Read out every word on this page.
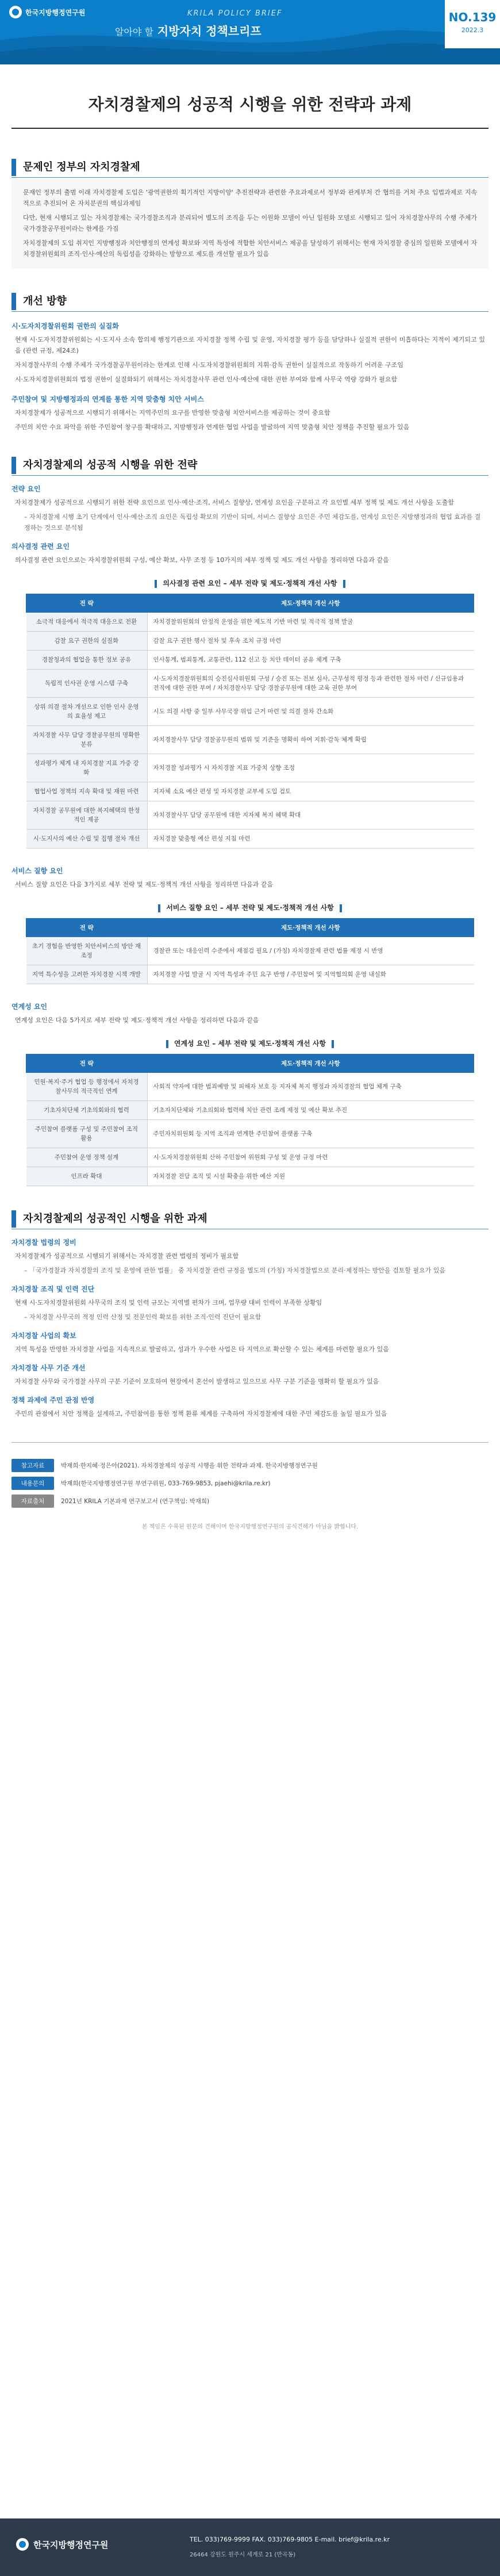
한국지방행정연구원	KRILA POLICY BRIEF
알아야 할 지방자치 정책브리프
NO.139
2022.3
자치경찰제의 성공적 시행을 위한 전략과 과제
문제인 정부의 자치경찰제

문재인 정부의 출범 이래 자치경찰제 도입은 '광역권한의 획기적인 지방이양' 추진전략과 관련한 주요과제로서 정부와 관계부처 간 협의를 거쳐 주요 입법과제로 지속적으로 추진되어 온 자치분권의 핵심과제임

다만, 현재 시행되고 있는 자치경찰제는 국가경찰조직과 분리되어 별도의 조직을 두는 이원화 모델이 아닌 일원화 모델로 시행되고 있어 자치경찰사무의 수행 주체가 국가경찰공무원이라는 한계를 가짐

자치경찰제의 도입 취지인 지방행정과 치안행정의 연계성 확보와 지역 특성에 적합한 치안서비스 제공을 달성하기 위해서는 현재 자치경찰 중심의 일원화 모델에서 자치경찰위원회의 조직·인사·예산의 독립성을 강화하는 방향으로 제도를 개선할 필요가 있음

개선 방향
시·도자치경찰위원회 권한의 실질화

현재 시·도자치경찰위원회는 시·도지사 소속 합의제 행정기관으로 자치경찰 정책 수립 및 운영, 자치경찰 평가 등을 담당하나 실질적 권한이 미흡하다는 지적이 제기되고 있음 (관련 규정, 제24조)

자치경찰사무의 수행 주체가 국가경찰공무원이라는 한계로 인해 시·도자치경찰위원회의 지휘·감독 권한이 실질적으로 작동하기 어려운 구조임

시·도자치경찰위원회의 법정 권한이 실질화되기 위해서는 자치경찰사무 관련 인사·예산에 대한 권한 부여와 함께 사무국 역량 강화가 필요함

주민참여 및 지방행정과의 연계를 통한 지역 맞춤형 치안 서비스

자치경찰제가 성공적으로 시행되기 위해서는 지역주민의 요구를 반영한 맞춤형 치안서비스를 제공하는 것이 중요함

주민의 치안 수요 파악을 위한 주민참여 창구를 확대하고, 지방행정과 연계한 협업 사업을 발굴하여 지역 맞춤형 치안 정책을 추진할 필요가 있음

자치경찰제의 성공적 시행을 위한 전략
전략 요인

자치경찰제가 성공적으로 시행되기 위한 전략 요인으로 인사·예산·조직, 서비스 질향상, 연계성 요인을 구분하고 각 요인별 세부 정책 및 제도 개선 사항을 도출함

– 자치경찰제 시행 초기 단계에서 인사·예산·조직 요인은 독립성 확보의 기반이 되며, 서비스 질향상 요인은 주민 체감도를, 연계성 요인은 지방행정과의 협업 효과를 결정하는 것으로 분석됨

의사결정 관련 요인

의사결정 관련 요인으로는 자치경찰위원회 구성, 예산 확보, 사무 조정 등 10가지의 세부 정책 및 제도 개선 사항을 정리하면 다음과 같음

의사결정 관련 요인 – 세부 전략 및 제도·정책적 개선 사항
전 략	제도·정책적 개선 사항
소극적 대응에서 적극적 대응으로 전환	자치경찰위원회의 안정적 운영을 위한 제도적 기반 마련 및 적극적 정책 발굴
감찰 요구 권한의 실질화	감찰 요구 권한 행사 절차 및 후속 조치 규정 마련
경찰청과의 협업을 통한 정보 공유	인사통계, 범죄통계, 교통관련, 112 신고 등 치안 데이터 공유 체계 구축
독립적 인사권 운영 시스템 구축	시·도자치경찰위원회의 승진심사위원회 구성 / 승진 또는 전보 심사, 근무성적 평정 등과 관련한 절차 마련 / 신규임용과 전직에 대한 권한 부여 / 자치경찰사무 담당 경찰공무원에 대한 교육 권한 부여
상위 의결 절차 개선으로 인한 인사 운영의 효율성 제고	시도 의결 사항 중 일부 사무국장 위임 근거 마련 및 의결 절차 간소화
자치경찰 사무 담당 경찰공무원의 명확한 분류	자치경찰사무 담당 경찰공무원의 범위 및 기준을 명확히 하여 지휘·감독 체계 확립
성과평가 체계 내 자치경찰 지표 가중 강화	자치경찰 성과평가 시 자치경찰 지표 가중치 상향 조정
협업사업 정책의 지속 확대 및 재원 마련	지자체 소요 예산 편성 및 자치경찰 교부세 도입 검토
자치경찰 공무원에 대한 복지혜택의 한정적인 제공	자치경찰사무 담당 공무원에 대한 지자체 복지 혜택 확대
시·도지사의 예산 수립 및 집행 절차 개선	자치경찰 맞춤형 예산 편성 지침 마련
서비스 질향 요인

서비스 질향 요인은 다음 3가지로 세부 전략 및 제도·정책적 개선 사항을 정리하면 다음과 같음

서비스 질향 요인 – 세부 전략 및 제도·정책적 개선 사항
전 략	제도·정책적 개선 사항
초기 경험을 반영한 치안서비스의 방안 재조정	경찰관 또는 대응인력 수준에서 재점검 필요 / (가칭) 자치경찰제 관련 법률 제정 시 반영
지역 특수성을 고려한 자치경찰 시책 개발	자치경찰 사업 발굴 시 지역 특성과 주민 요구 반영 / 주민참여 및 지역협의회 운영 내실화
연계성 요인

연계성 요인은 다음 5가지로 세부 전략 및 제도·정책적 개선 사항을 정리하면 다음과 같음

연계성 요인 – 세부 전략 및 제도·정책적 개선 사항
전 략	제도·정책적 개선 사항
민원·복지·주거 협업 등 행정에서 자치경찰사무의 적극적인 연계	사회적 약자에 대한 범죄예방 및 피해자 보호 등 지자체 복지 행정과 자치경찰의 협업 체계 구축
기초자치단체 기초의회와의 협력	기초자치단체와 기초의회와 협력해 치안 관련 조례 제정 및 예산 확보 추진
주민참여 플랫폼 구성 및 주민참여 조직 활용	주민자치위원회 등 지역 조직과 연계한 주민참여 플랫폼 구축
주민참여 운영 정책 설계	시·도자치경찰위원회 산하 주민참여 위원회 구성 및 운영 규정 마련
인프라 확대	자치경찰 전담 조직 및 시설 확충을 위한 예산 지원
자치경찰제의 성공적인 시행을 위한 과제
자치경찰 법령의 정비

자치경찰제가 성공적으로 시행되기 위해서는 자치경찰 관련 법령의 정비가 필요함

– 「국가경찰과 자치경찰의 조직 및 운영에 관한 법률」 중 자치경찰 관련 규정을 별도의 (가칭) 자치경찰법으로 분리·제정하는 방안을 검토할 필요가 있음

자치경찰 조직 및 인력 진단

현재 시·도자치경찰위원회 사무국의 조직 및 인력 규모는 지역별 편차가 크며, 업무량 대비 인력이 부족한 상황임

– 자치경찰 사무국의 적정 인력 산정 및 전문인력 확보를 위한 조직·인력 진단이 필요함

자치경찰 사업의 확보

지역 특성을 반영한 자치경찰 사업을 지속적으로 발굴하고, 성과가 우수한 사업은 타 지역으로 확산할 수 있는 체계를 마련할 필요가 있음

자치경찰 사무 기준 개선

자치경찰 사무와 국가경찰 사무의 구분 기준이 모호하여 현장에서 혼선이 발생하고 있으므로 사무 구분 기준을 명확히 할 필요가 있음

정책 과제에 주민 관점 반영

주민의 관점에서 치안 정책을 설계하고, 주민참여를 통한 정책 환류 체계를 구축하여 자치경찰제에 대한 주민 체감도를 높일 필요가 있음

참고자료	박재희·한지혜·정은아(2021). 자치경찰제의 성공적 시행을 위한 전략과 과제. 한국지방행정연구원
내용문의	박재희(한국지방행정연구원 부연구위원, 033-769-9853, pjaehi@krila.re.kr)
자료출처	2021년 KRILA 기본과제 연구보고서 (연구책임: 박재희)
본 책임은 수록된 원문의 견해이며 한국지방행정연구원의 공식견해가 아님을 밝힙니다.
한국지방행정연구원	TEL. 033)769-9999 FAX. 033)769-9805 E-mail. brief@krila.re.kr
26464 강원도 원주시 세계로 21 (반곡동)
